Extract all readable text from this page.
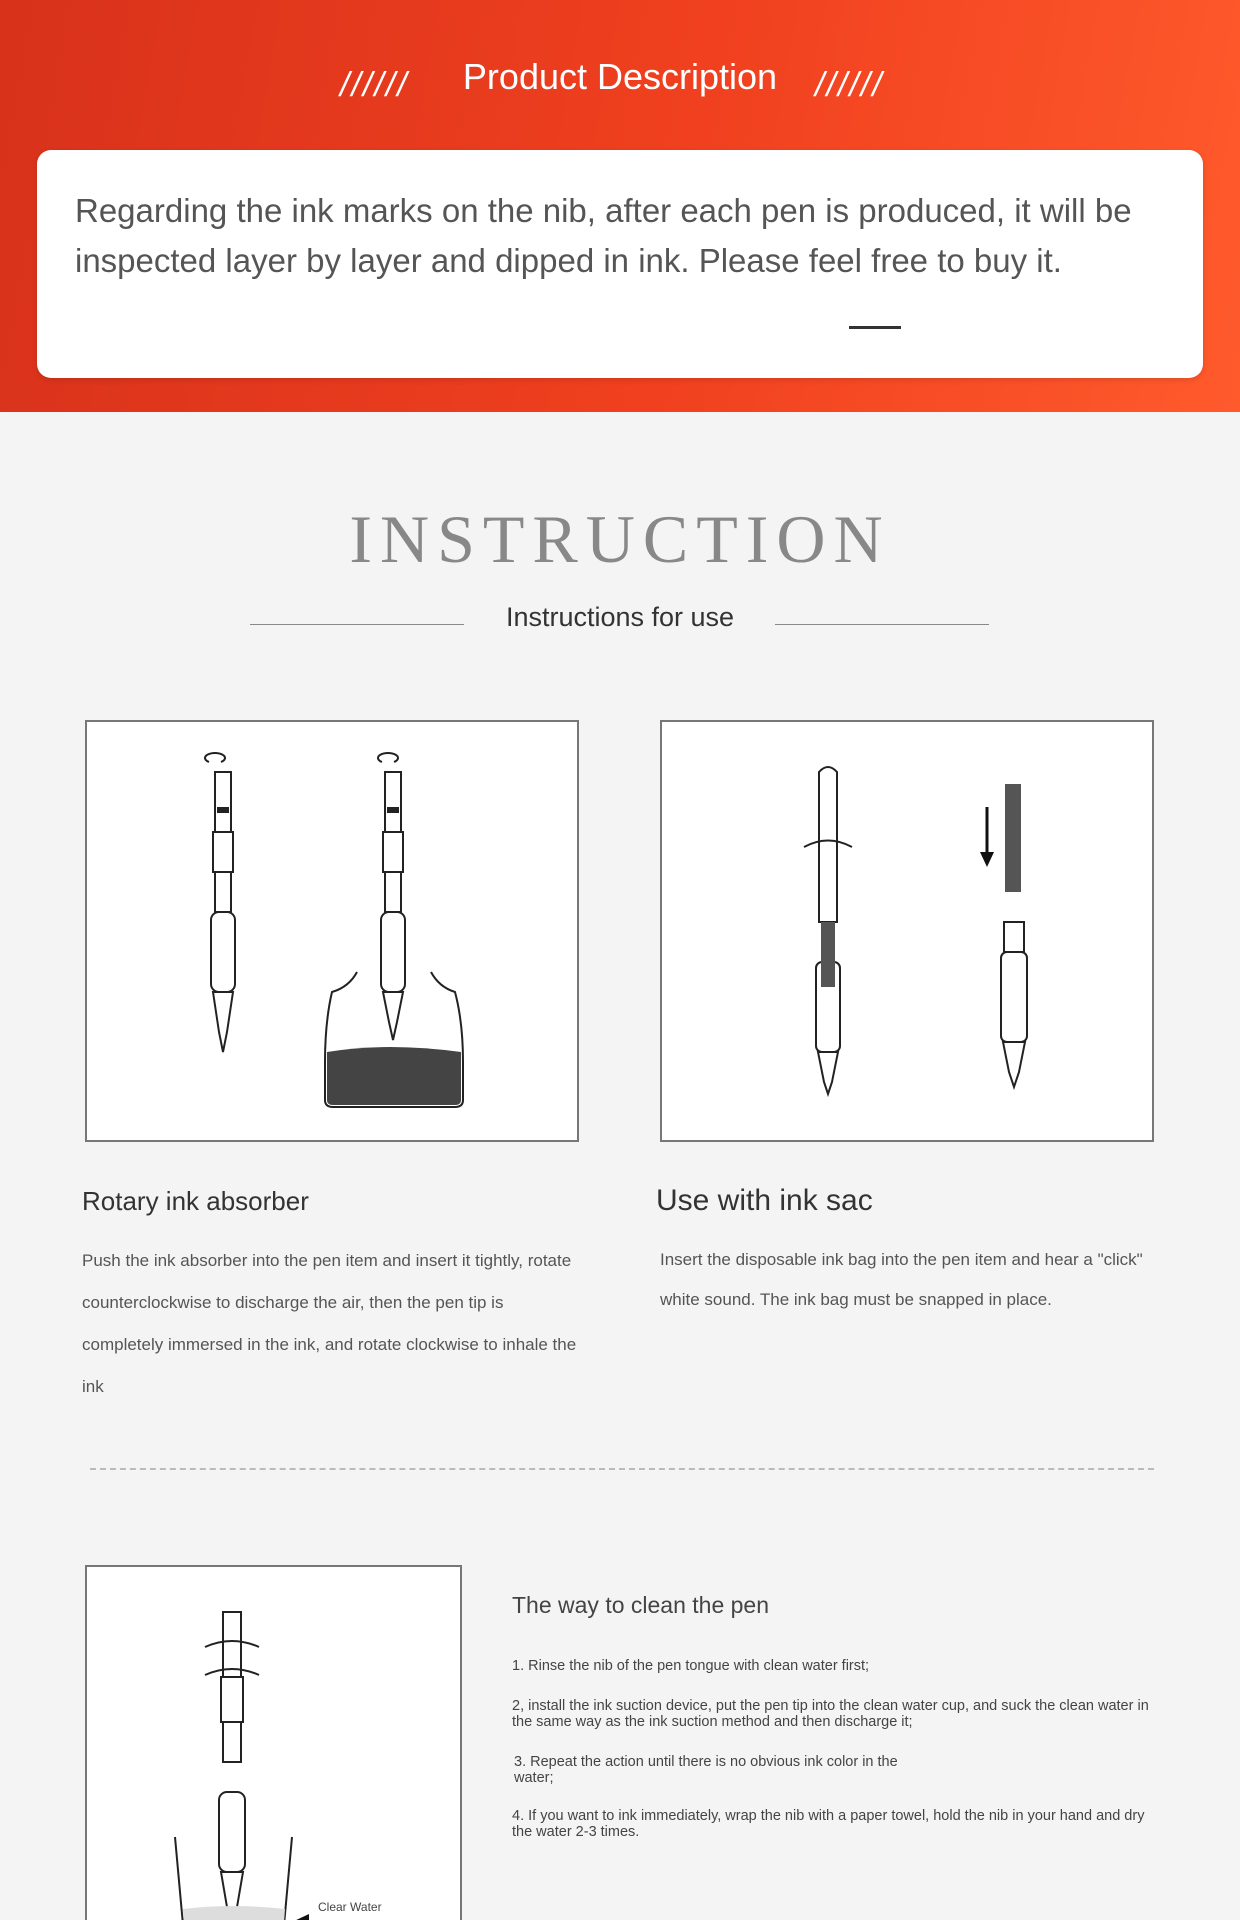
//////	Product Description	//////
Regarding the ink marks on the nib, after each pen is produced, it will be inspected layer by layer and dipped in ink. Please feel free to buy it.
INSTRUCTION
Instructions for use
Rotary ink absorber
Push the ink absorber into the pen item and insert it tightly, rotate counterclockwise to discharge the air, then the pen tip is completely immersed in the ink, and rotate clockwise to inhale the ink
Use with ink sac
Insert the disposable ink bag into the pen item and hear a "click" white sound. The ink bag must be snapped in place.
Clear Water
The way to clean the pen
1. Rinse the nib of the pen tongue with clean water first;
2, install the ink suction device, put the pen tip into the clean water cup, and suck the clean water in the same way as the ink suction method and then discharge it;
3. Repeat the action until there is no obvious ink color in the water;
4. If you want to ink immediately, wrap the nib with a paper towel, hold the nib in your hand and dry the water 2-3 times.
